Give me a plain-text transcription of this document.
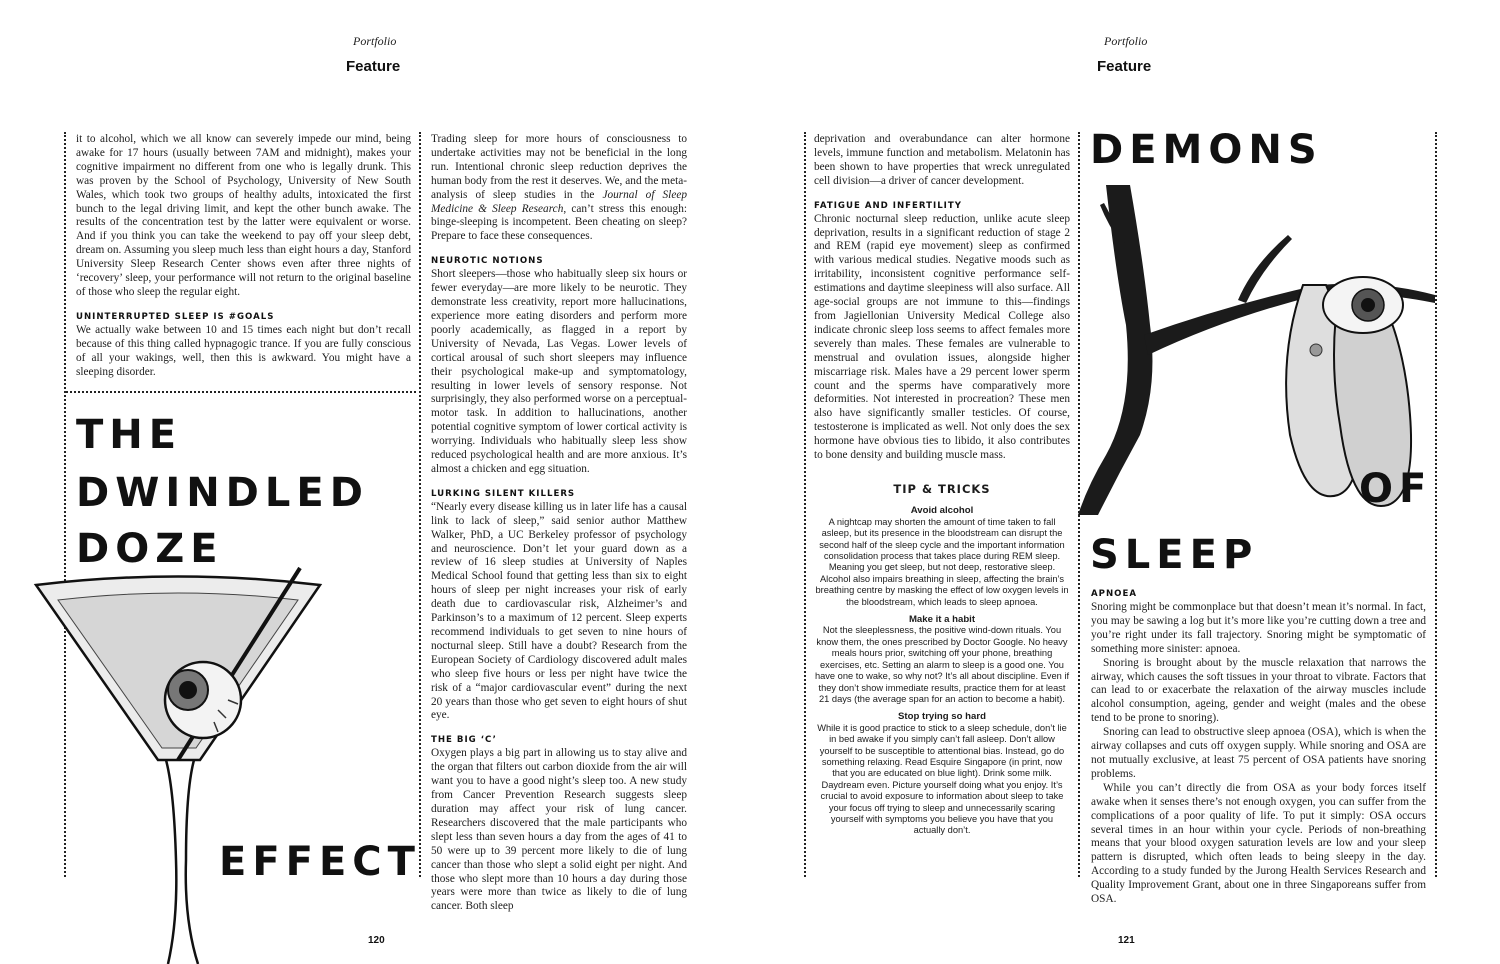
Portfolio
Feature

it to alcohol, which we all know can severely impede our mind, being awake for 17 hours (usually between 7AM and midnight), makes your cognitive impairment no different from one who is legally drunk. This was proven by the School of Psychology, University of New South Wales, which took two groups of healthy adults, intoxicated the first bunch to the legal driving limit, and kept the other bunch awake. The results of the concentration test by the latter were equivalent or worse. And if you think you can take the weekend to pay off your sleep debt, dream on. Assuming you sleep much less than eight hours a day, Stanford University Sleep Research Center shows even after three nights of ‘recovery’ sleep, your performance will not return to the original baseline of those who sleep the regular eight.

UNINTERRUPTED SLEEP IS #GOALS

We actually wake between 10 and 15 times each night but don’t recall because of this thing called hypnagogic trance. If you are fully conscious of all your wakings, well, then this is awkward. You might have a sleeping disorder.

THE
DWINDLED
DOZE
EFFECT

Trading sleep for more hours of consciousness to undertake activities may not be beneficial in the long run. Intentional chronic sleep reduction deprives the human body from the rest it deserves. We, and the meta-analysis of sleep studies in the Journal of Sleep Medicine & Sleep Research, can’t stress this enough: binge-sleeping is incompetent. Been cheating on sleep? Prepare to face these consequences.

NEUROTIC NOTIONS

Short sleepers—those who habitually sleep six hours or fewer everyday—are more likely to be neurotic. They demonstrate less creativity, report more hallucinations, experience more eating disorders and perform more poorly academically, as flagged in a report by University of Nevada, Las Vegas. Lower levels of cortical arousal of such short sleepers may influence their psychological make-up and symptomatology, resulting in lower levels of sensory response. Not surprisingly, they also performed worse on a perceptual-motor task. In addition to hallucinations, another potential cognitive symptom of lower cortical activity is worrying. Individuals who habitually sleep less show reduced psychological health and are more anxious. It’s almost a chicken and egg situation.

LURKING SILENT KILLERS

“Nearly every disease killing us in later life has a causal link to lack of sleep,” said senior author Matthew Walker, PhD, a UC Berkeley professor of psychology and neuroscience. Don’t let your guard down as a review of 16 sleep studies at University of Naples Medical School found that getting less than six to eight hours of sleep per night increases your risk of early death due to cardiovascular risk, Alzheimer’s and Parkinson’s to a maximum of 12 percent. Sleep experts recommend individuals to get seven to nine hours of nocturnal sleep. Still have a doubt? Research from the European Society of Cardiology discovered adult males who sleep five hours or less per night have twice the risk of a “major cardiovascular event” during the next 20 years than those who get seven to eight hours of shut eye.

THE BIG ‘C’

Oxygen plays a big part in allowing us to stay alive and the organ that filters out carbon dioxide from the air will want you to have a good night’s sleep too. A new study from Cancer Prevention Research suggests sleep duration may affect your risk of lung cancer. Researchers discovered that the male participants who slept less than seven hours a day from the ages of 41 to 50 were up to 39 percent more likely to die of lung cancer than those who slept a solid eight per night. And those who slept more than 10 hours a day during those years were more than twice as likely to die of lung cancer. Both sleep

120
Portfolio
Feature

deprivation and overabundance can alter hormone levels, immune function and metabolism. Melatonin has been shown to have properties that wreck unregulated cell division—a driver of cancer development.

FATIGUE AND INFERTILITY

Chronic nocturnal sleep reduction, unlike acute sleep deprivation, results in a significant reduction of stage 2 and REM (rapid eye movement) sleep as confirmed with various medical studies. Negative moods such as irritability, inconsistent cognitive performance self-estimations and daytime sleepiness will also surface. All age-social groups are not immune to this—findings from Jagiellonian University Medical College also indicate chronic sleep loss seems to affect females more severely than males. These females are vulnerable to menstrual and ovulation issues, alongside higher miscarriage risk. Males have a 29 percent lower sperm count and the sperms have comparatively more deformities. Not interested in procreation? These men also have significantly smaller testicles. Of course, testosterone is implicated as well. Not only does the sex hormone have obvious ties to libido, it also contributes to bone density and building muscle mass.

TIP & TRICKS
Avoid alcohol
A nightcap may shorten the amount of time taken to fall asleep, but its presence in the bloodstream can disrupt the second half of the sleep cycle and the important information consolidation process that takes place during REM sleep. Meaning you get sleep, but not deep, restorative sleep. Alcohol also impairs breathing in sleep, affecting the brain’s breathing centre by masking the effect of low oxygen levels in the bloodstream, which leads to sleep apnoea.
Make it a habit
Not the sleeplessness, the positive wind-down rituals. You know them, the ones prescribed by Doctor Google. No heavy meals hours prior, switching off your phone, breathing exercises, etc. Setting an alarm to sleep is a good one. You have one to wake, so why not? It’s all about discipline. Even if they don’t show immediate results, practice them for at least 21 days (the average span for an action to become a habit).
Stop trying so hard
While it is good practice to stick to a sleep schedule, don’t lie in bed awake if you simply can’t fall asleep. Don’t allow yourself to be susceptible to attentional bias. Instead, go do something relaxing. Read Esquire Singapore (in print, now that you are educated on blue light). Drink some milk. Daydream even. Picture yourself doing what you enjoy. It’s crucial to avoid exposure to information about sleep to take your focus off trying to sleep and unnecessarily scaring yourself with symptoms you believe you have that you actually don’t.
DEMONS
OF
SLEEP
APNOEA

Snoring might be commonplace but that doesn’t mean it’s normal. In fact, you may be sawing a log but it’s more like you’re cutting down a tree and you’re right under its fall trajectory. Snoring might be symptomatic of something more sinister: apnoea.

Snoring is brought about by the muscle relaxation that narrows the airway, which causes the soft tissues in your throat to vibrate. Factors that can lead to or exacerbate the relaxation of the airway muscles include alcohol consumption, ageing, gender and weight (males and the obese tend to be prone to snoring).

Snoring can lead to obstructive sleep apnoea (OSA), which is when the airway collapses and cuts off oxygen supply. While snoring and OSA are not mutually exclusive, at least 75 percent of OSA patients have snoring problems.

While you can’t directly die from OSA as your body forces itself awake when it senses there’s not enough oxygen, you can suffer from the complications of a poor quality of life. To put it simply: OSA occurs several times in an hour within your cycle. Periods of non-breathing means that your blood oxygen saturation levels are low and your sleep pattern is disrupted, which often leads to being sleepy in the day. According to a study funded by the Jurong Health Services Research and Quality Improvement Grant, about one in three Singaporeans suffer from OSA.

121
